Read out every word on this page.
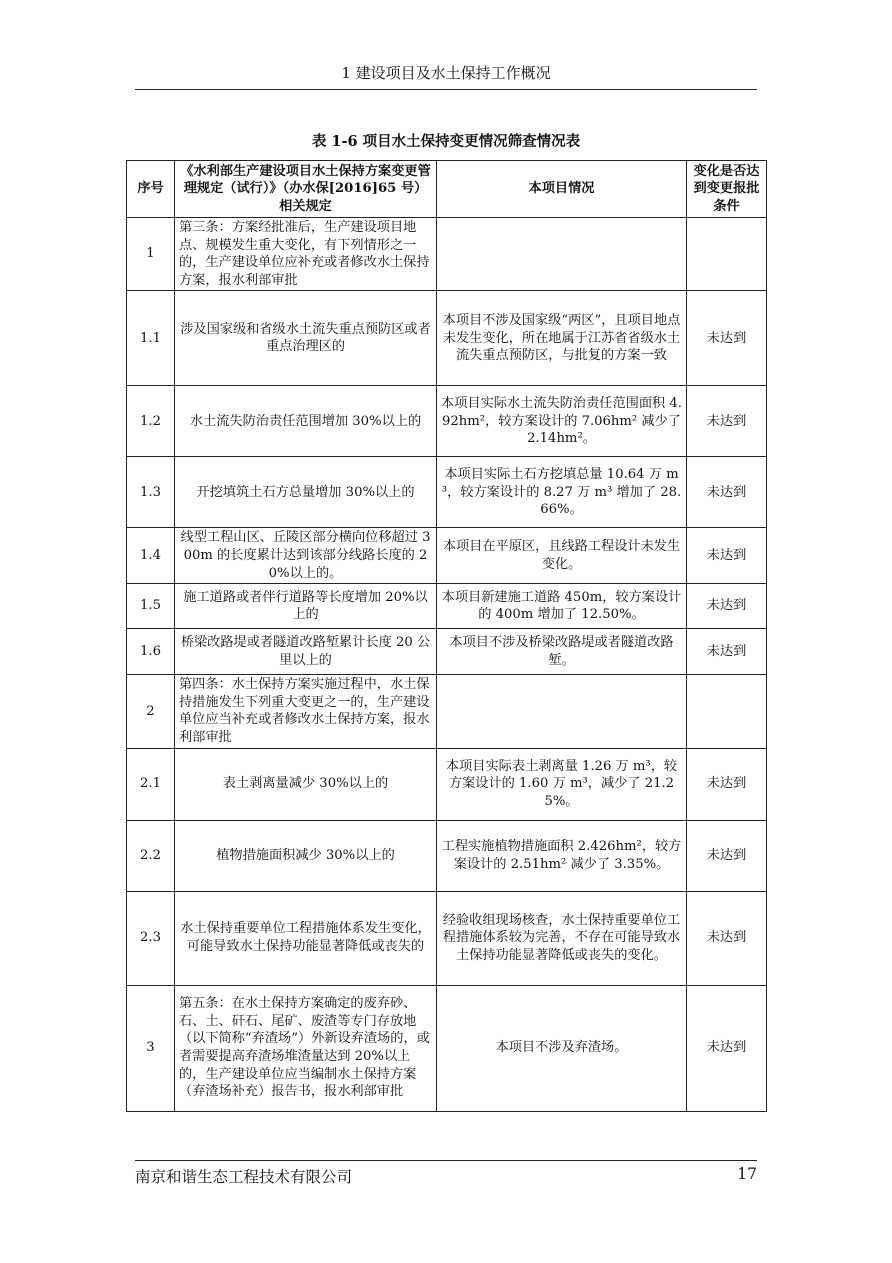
1 建设项目及水土保持工作概况
表 1-6 项目水土保持变更情况筛查情况表
序号	《水利部生产建设项目水土保持方案变更管理规定（试行）》（办水保[2016]65 号）相关规定	本项目情况	变化是否达到变更报批条件
1	第三条：方案经批准后，生产建设项目地点、规模发生重大变化，有下列情形之一的，生产建设单位应补充或者修改水土保持方案，报水利部审批		
1.1	涉及国家级和省级水土流失重点预防区或者重点治理区的	本项目不涉及国家级“两区”，且项目地点未发生变化，所在地属于江苏省省级水土流失重点预防区，与批复的方案一致	未达到
1.2	水土流失防治责任范围增加 30%以上的	本项目实际水土流失防治责任范围面积 4.92hm²，较方案设计的 7.06hm² 减少了 2.14hm²。	未达到
1.3	开挖填筑土石方总量增加 30%以上的	本项目实际土石方挖填总量 10.64 万 m³，较方案设计的 8.27 万 m³ 增加了 28.66%。	未达到
1.4	线型工程山区、丘陵区部分横向位移超过 300m 的长度累计达到该部分线路长度的 20%以上的。	本项目在平原区，且线路工程设计未发生变化。	未达到
1.5	施工道路或者伴行道路等长度增加 20%以上的	本项目新建施工道路 450m，较方案设计的 400m 增加了 12.50%。	未达到
1.6	桥梁改路堤或者隧道改路堑累计长度 20 公里以上的	本项目不涉及桥梁改路堤或者隧道改路堑。	未达到
2	第四条：水土保持方案实施过程中，水土保持措施发生下列重大变更之一的，生产建设单位应当补充或者修改水土保持方案，报水利部审批		
2.1	表土剥离量减少 30%以上的	本项目实际表土剥离量 1.26 万 m³，较方案设计的 1.60 万 m³，减少了 21.25%。	未达到
2.2	植物措施面积减少 30%以上的	工程实施植物措施面积 2.426hm²，较方案设计的 2.51hm² 减少了 3.35%。	未达到
2.3	水土保持重要单位工程措施体系发生变化，可能导致水土保持功能显著降低或丧失的	经验收组现场核查，水土保持重要单位工程措施体系较为完善，不存在可能导致水土保持功能显著降低或丧失的变化。	未达到
3	第五条：在水土保持方案确定的废弃砂、石、土、矸石、尾矿、废渣等专门存放地（以下简称“弃渣场”）外新设弃渣场的，或者需要提高弃渣场堆渣量达到 20%以上的，生产建设单位应当编制水土保持方案（弃渣场补充）报告书，报水利部审批	本项目不涉及弃渣场。	未达到
南京和谐生态工程技术有限公司	17
